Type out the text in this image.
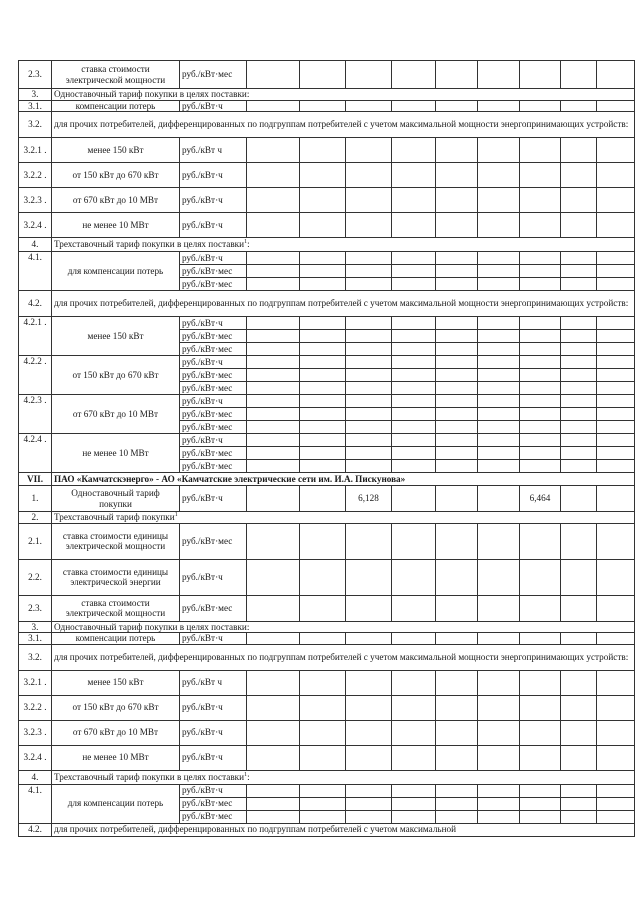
2.3.	ставка стоимости электрической мощности	руб./кВт·мес									
3.	Одноставочный тариф покупки в целях поставки:										
3.1.	компенсации потерь	руб./кВт·ч									
3.2.	для прочих потребителей, дифференцированных по подгруппам потребителей с учетом максимальной мощности энергопринимающих устройств:										
3.2.1 .	менее 150 кВт	руб./кВт ч									
3.2.2 .	от 150 кВт до 670 кВт	руб./кВт·ч									
3.2.3 .	от 670 кВт до 10 МВт	руб./кВт·ч									
3.2.4 .	не менее 10 МВт	руб./кВт·ч									
4.	Трехставочный тариф покупки в целях поставки$^1$:										
4.1.	для компенсации потерь	руб./кВт·ч									
		руб./кВт·мес									
		руб./кВт·мес									
4.2.	для прочих потребителей, дифференцированных по подгруппам потребителей с учетом максимальной мощности энергопринимающих устройств:										
4.2.1 .	менее 150 кВт	руб./кВт·ч									
		руб./кВт·мес									
		руб./кВт·мес									
4.2.2 .	от 150 кВт до 670 кВт	руб./кВт·ч									
		руб./кВт·мес									
		руб./кВт·мес									
4.2.3 .	от 670 кВт до 10 МВт	руб./кВт·ч									
		руб./кВт·мес									
		руб./кВт·мес									
4.2.4 .	не менее 10 МВт	руб./кВт·ч									
		руб./кВт·мес									
		руб./кВт·мес									
VII.	ПАО «Камчатскэнерго» - АО «Камчатские электрические сети им. И.А. Пискунова»										
1.	Одноставочный тариф покупки	руб./кВт·ч			6,128				6,464		
2.	Трехставочный тариф покупки$^1$
2.1.	ставка стоимости единицы электрической мощности	руб./кВт·мес									
2.2.	ставка стоимости единицы электрической энергии	руб./кВт·ч									
2.3.	ставка стоимости электрической мощности	руб./кВт·мес									
3.	Одноставочный тариф покупки в целях поставки:										
3.1.	компенсации потерь	руб./кВт·ч									
3.2.	для прочих потребителей, дифференцированных по подгруппам потребителей с учетом максимальной мощности энергопринимающих устройств:										
3.2.1 .	менее 150 кВт	руб./кВт ч									
3.2.2 .	от 150 кВт до 670 кВт	руб./кВт·ч									
3.2.3 .	от 670 кВт до 10 МВт	руб./кВт·ч									
3.2.4 .	не менее 10 МВт	руб./кВт·ч									
4.	Трехставочный тариф покупки в целях поставки$^1$:										
4.1.	для компенсации потерь	руб./кВт·ч									
		руб./кВт·мес									
		руб./кВт·мес									
4.2.	для прочих потребителей, дифференцированных по подгруппам потребителей с учетом максимальной										
